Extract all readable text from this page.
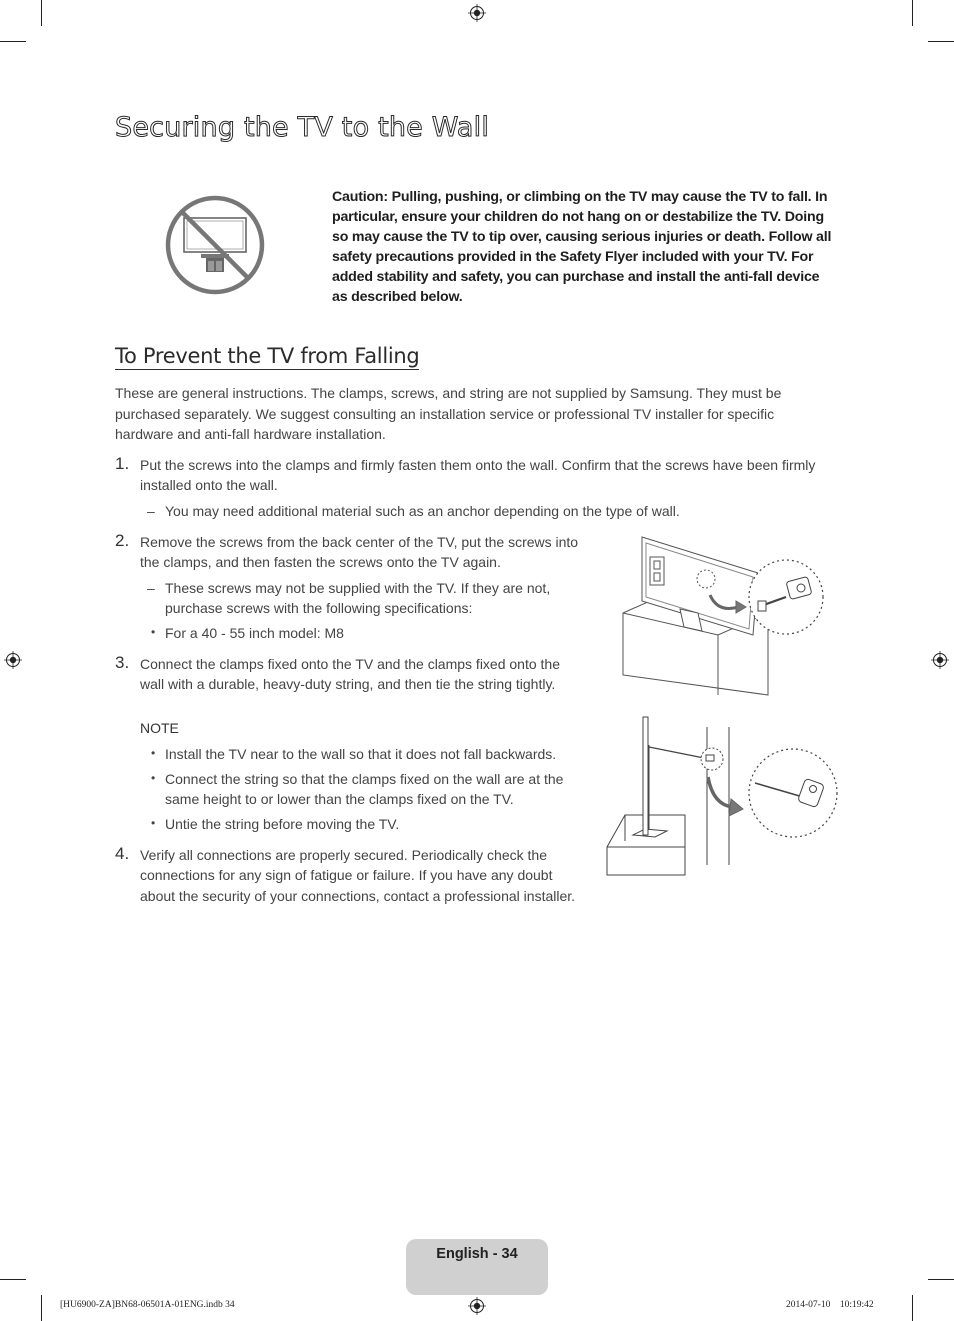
Securing the TV to the Wall
Caution: Pulling, pushing, or climbing on the TV may cause the TV to fall. In particular, ensure your children do not hang on or destabilize the TV. Doing so may cause the TV to tip over, causing serious injuries or death. Follow all safety precautions provided in the Safety Flyer included with your TV. For added stability and safety, you can purchase and install the anti-fall device as described below.
To Prevent the TV from Falling
These are general instructions. The clamps, screws, and string are not supplied by Samsung. They must be purchased separately. We suggest consulting an installation service or professional TV installer for specific hardware and anti-fall hardware installation.
1. Put the screws into the clamps and firmly fasten them onto the wall. Confirm that the screws have been firmly installed onto the wall.
– You may need additional material such as an anchor depending on the type of wall.
2. Remove the screws from the back center of the TV, put the screws into the clamps, and then fasten the screws onto the TV again.
– These screws may not be supplied with the TV. If they are not, purchase screws with the following specifications:
• For a 40 - 55 inch model: M8
3. Connect the clamps fixed onto the TV and the clamps fixed onto the wall with a durable, heavy-duty string, and then tie the string tightly.
NOTE
• Install the TV near to the wall so that it does not fall backwards.
• Connect the string so that the clamps fixed on the wall are at the same height to or lower than the clamps fixed on the TV.
• Untie the string before moving the TV.
4. Verify all connections are properly secured. Periodically check the connections for any sign of fatigue or failure. If you have any doubt about the security of your connections, contact a professional installer.
English - 34
[HU6900-ZA]BN68-06501A-01ENG.indb 34	2014-07-10   10:19:42
